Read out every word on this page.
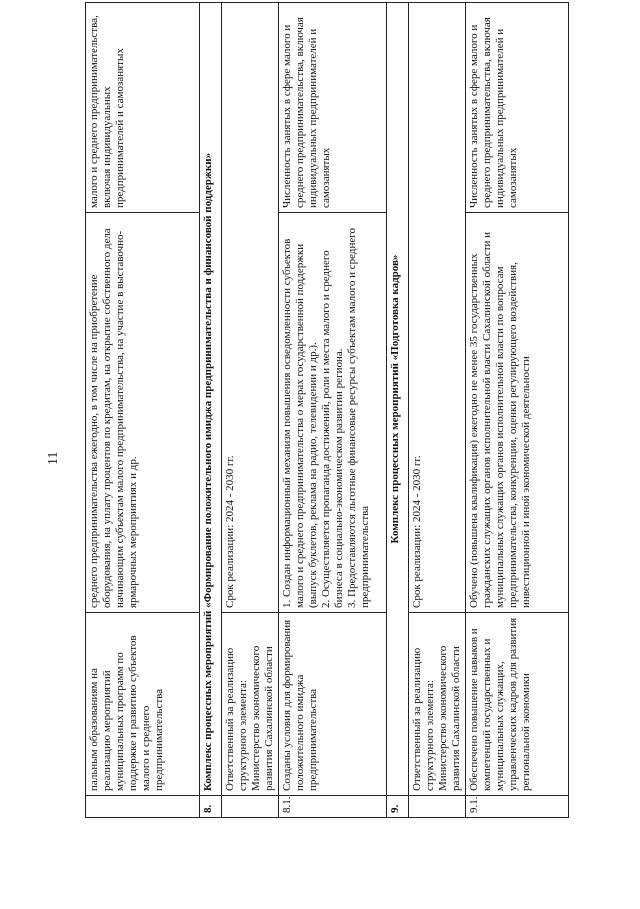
11
	пальным образованиям на реализацию мероприятий муниципальных программ по поддержке и развитию субъектов малого и среднего предпринимательства	среднего предпринимательства ежегодно, в том числе на приобретение оборудования, на уплату процентов по кредитам, на открытие собственного дела начинающим субъектам малого предпринимательства, на участие в выставочно-ярмарочных мероприятиях и др.	малого и среднего предпринимательства, включая индивидуальных предпринимателей и самозанятых
8.	Комплекс процессных мероприятий «Формирование положительного имиджа предпринимательства и финансовой поддержки»		
	Ответственный за реализацию структурного элемента: Министерство экономического развития Сахалинской области	Срок реализации: 2024 - 2030 гг.	
8.1.	Созданы условия для формирования положительного имиджа предпринимательства	1. Создан информационный механизм повышения осведомленности субъектов малого и среднего предпринимательства о мерах государственной поддержки (выпуск буклетов, реклама на радио, телевидении и др.). 2. Осуществляется пропаганда достижений, роли и места малого и среднего бизнеса в социально-экономическом развитии региона. 3. Предоставляются льготные финансовые ресурсы субъектам малого и среднего предпринимательства	Численность занятых в сфере малого и среднего предпринимательства, включая индивидуальных предпринимателей и самозанятых
9.	Комплекс процессных мероприятий «Подготовка кадров»		
	Ответственный за реализацию структурного элемента: Министерство экономического развития Сахалинской области	Срок реализации: 2024 - 2030 гг.	
9.1.	Обеспечено повышение навыков и компетенций государственных и муниципальных служащих, управленческих кадров для развития региональной экономики	Обучено (повышена квалификация) ежегодно не менее 35 государственных гражданских служащих органов исполнительной власти Сахалинской области и муниципальных служащих органов исполнительной власти по вопросам предпринимательства, конкуренции, оценки регулирующего воздействия, инвестиционной и иной экономической деятельности	Численность занятых в сфере малого и среднего предпринимательства, включая индивидуальных предпринимателей и самозанятых
